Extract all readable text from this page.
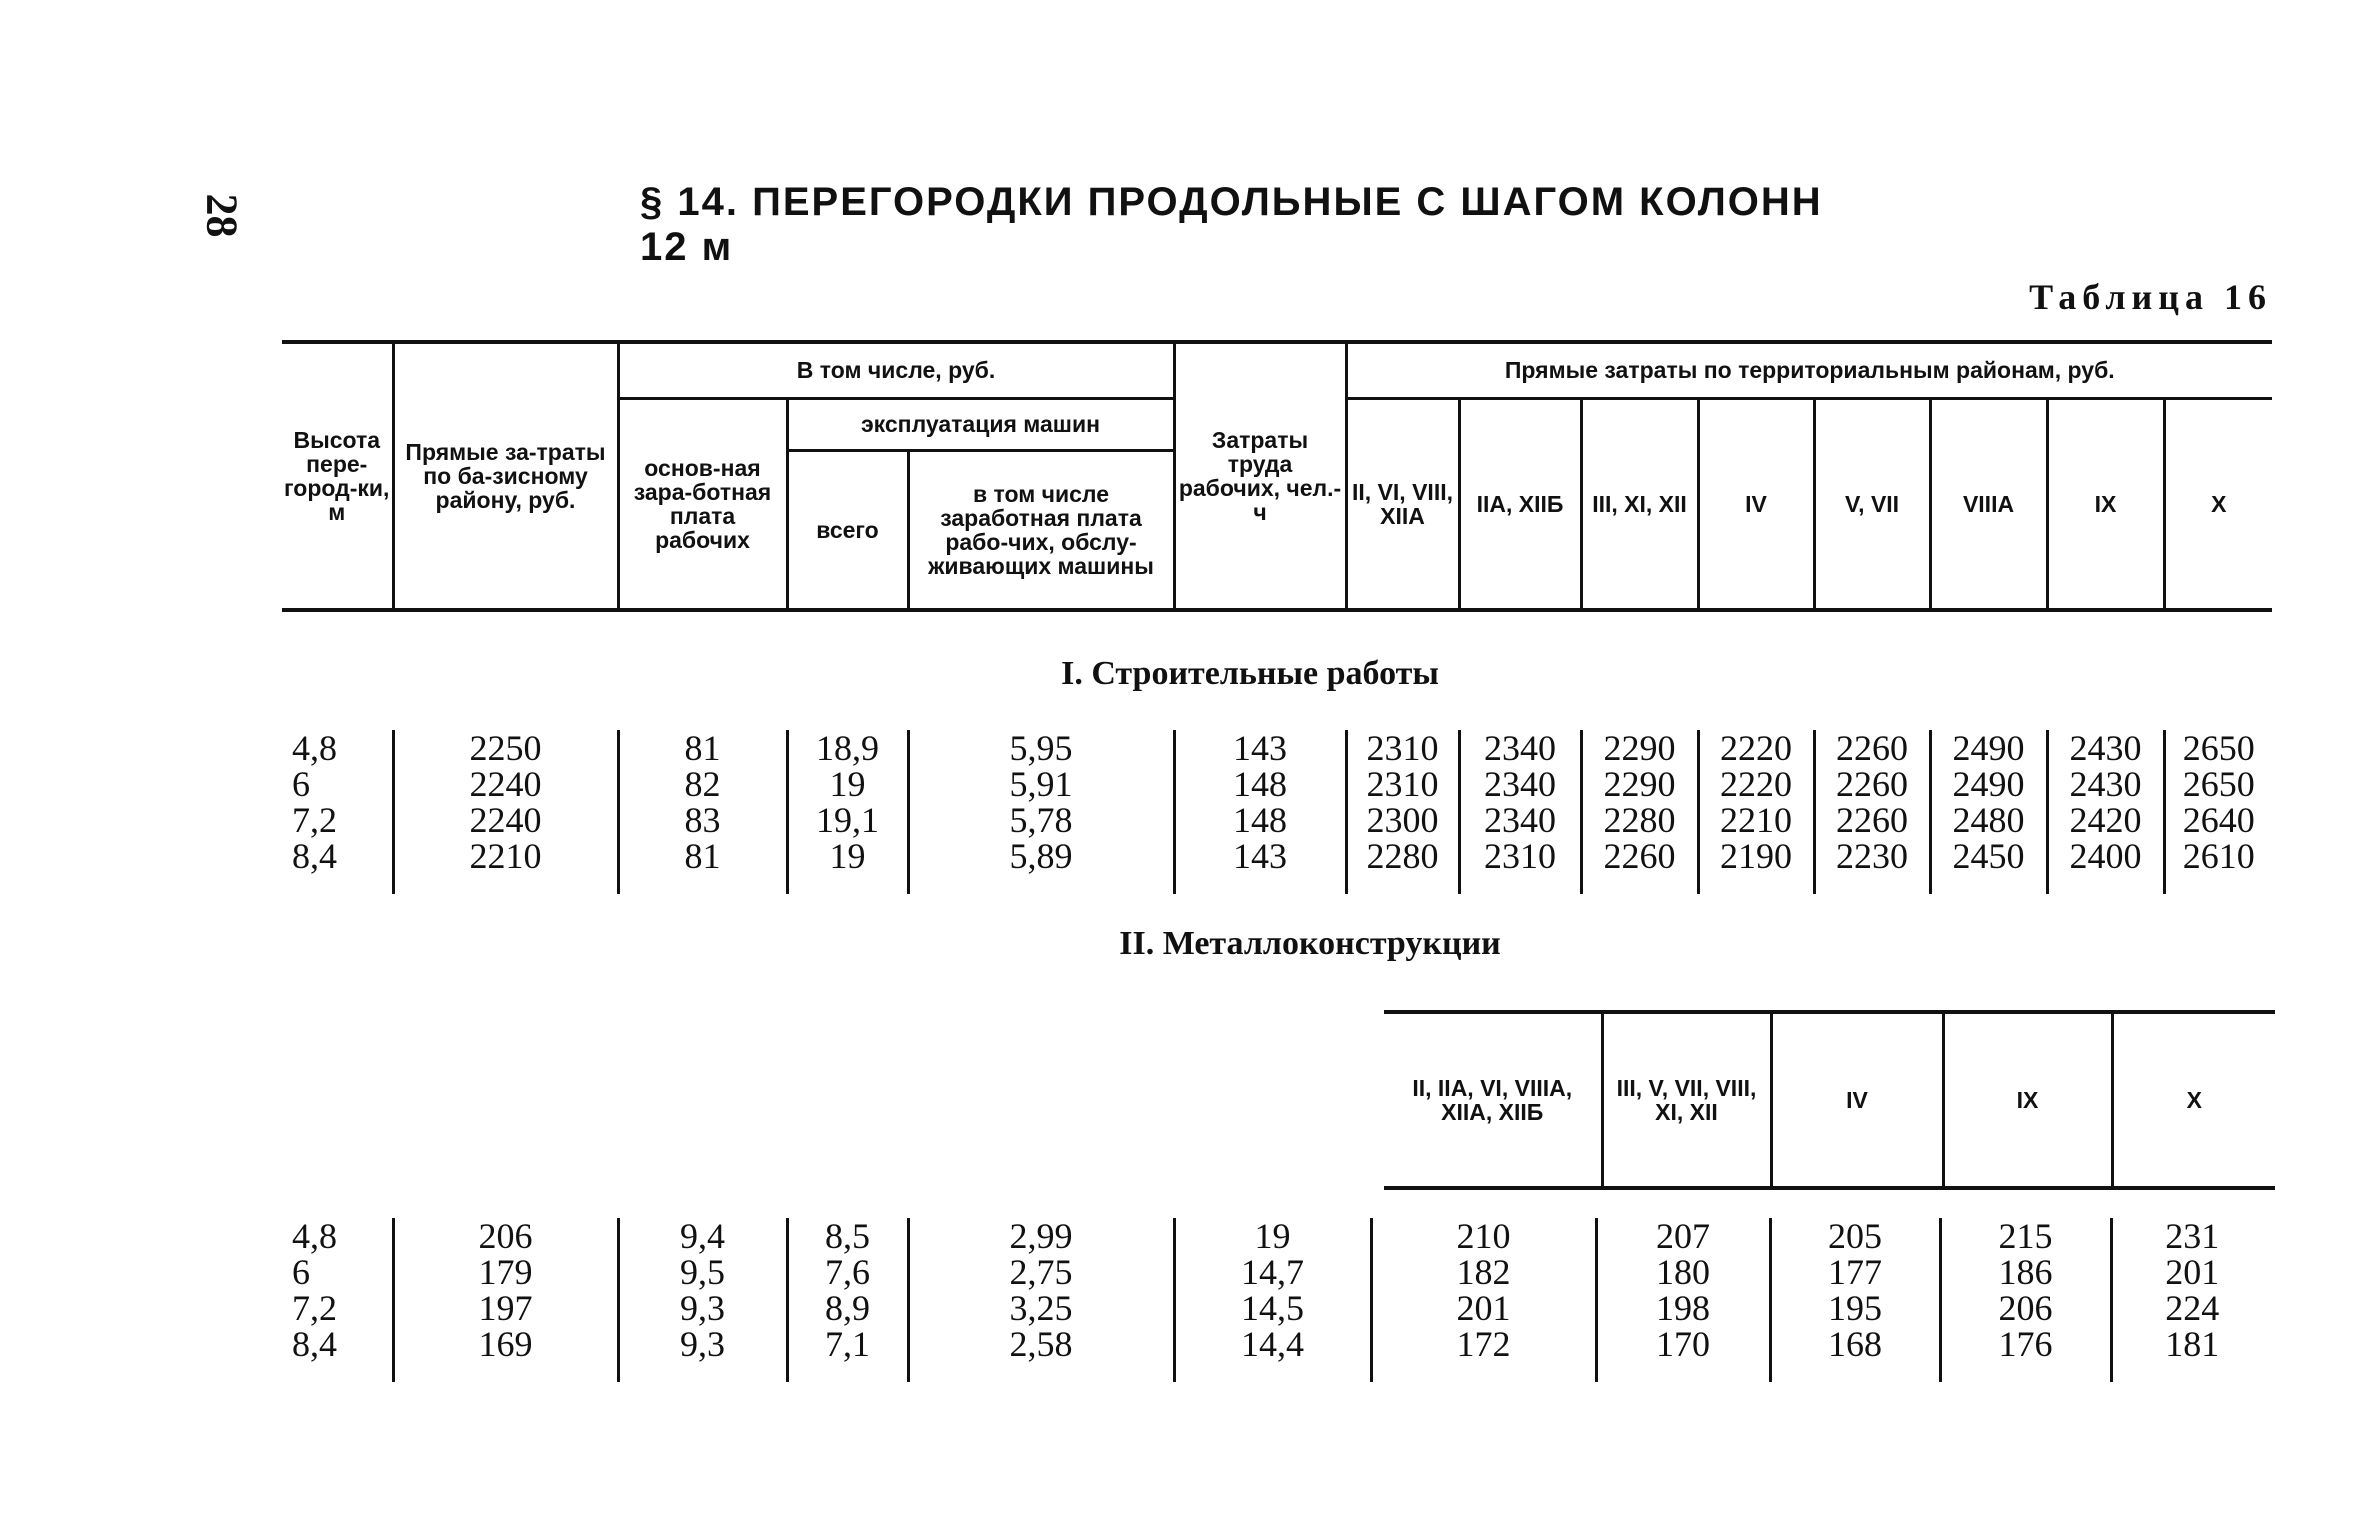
28	§ 14. ПЕРЕГОРОДКИ ПРОДОЛЬНЫЕ С ШАГОМ КОЛОНН 12 м
Таблица 16
Высота пере-город-ки, м	Прямые за-траты по ба-зисному району, руб.	В том числе, руб.			Затраты труда рабочих, чел.-ч	Прямые затраты по территориальным районам, руб.							
		основ-ная зара-ботная плата рабочих	эксплуатация машин			II, VI, VIII, XIIA	IIA, XIIБ	III, XI, XII	IV	V, VII	VIIIA	IX	X
			всего	в том числе заработная плата рабо-чих, обслу-живающих машины									
I. Строительные работы
4,8	2250	81	18,9	5,95	143	2310	2340	2290	2220	2260	2490	2430	2650
6	2240	82	19	5,91	148	2310	2340	2290	2220	2260	2490	2430	2650
7,2	2240	83	19,1	5,78	148	2300	2340	2280	2210	2260	2480	2420	2640
8,4	2210	81	19	5,89	143	2280	2310	2260	2190	2230	2450	2400	2610
II. Металлоконструкции
II, IIA, VI, VIIIA, XIIA, XIIБ	III, V, VII, VIII, XI, XII	IV	IX	X
4,8	206	9,4	8,5	2,99	19	210	207	205	215	231
6	179	9,5	7,6	2,75	14,7	182	180	177	186	201
7,2	197	9,3	8,9	3,25	14,5	201	198	195	206	224
8,4	169	9,3	7,1	2,58	14,4	172	170	168	176	181
